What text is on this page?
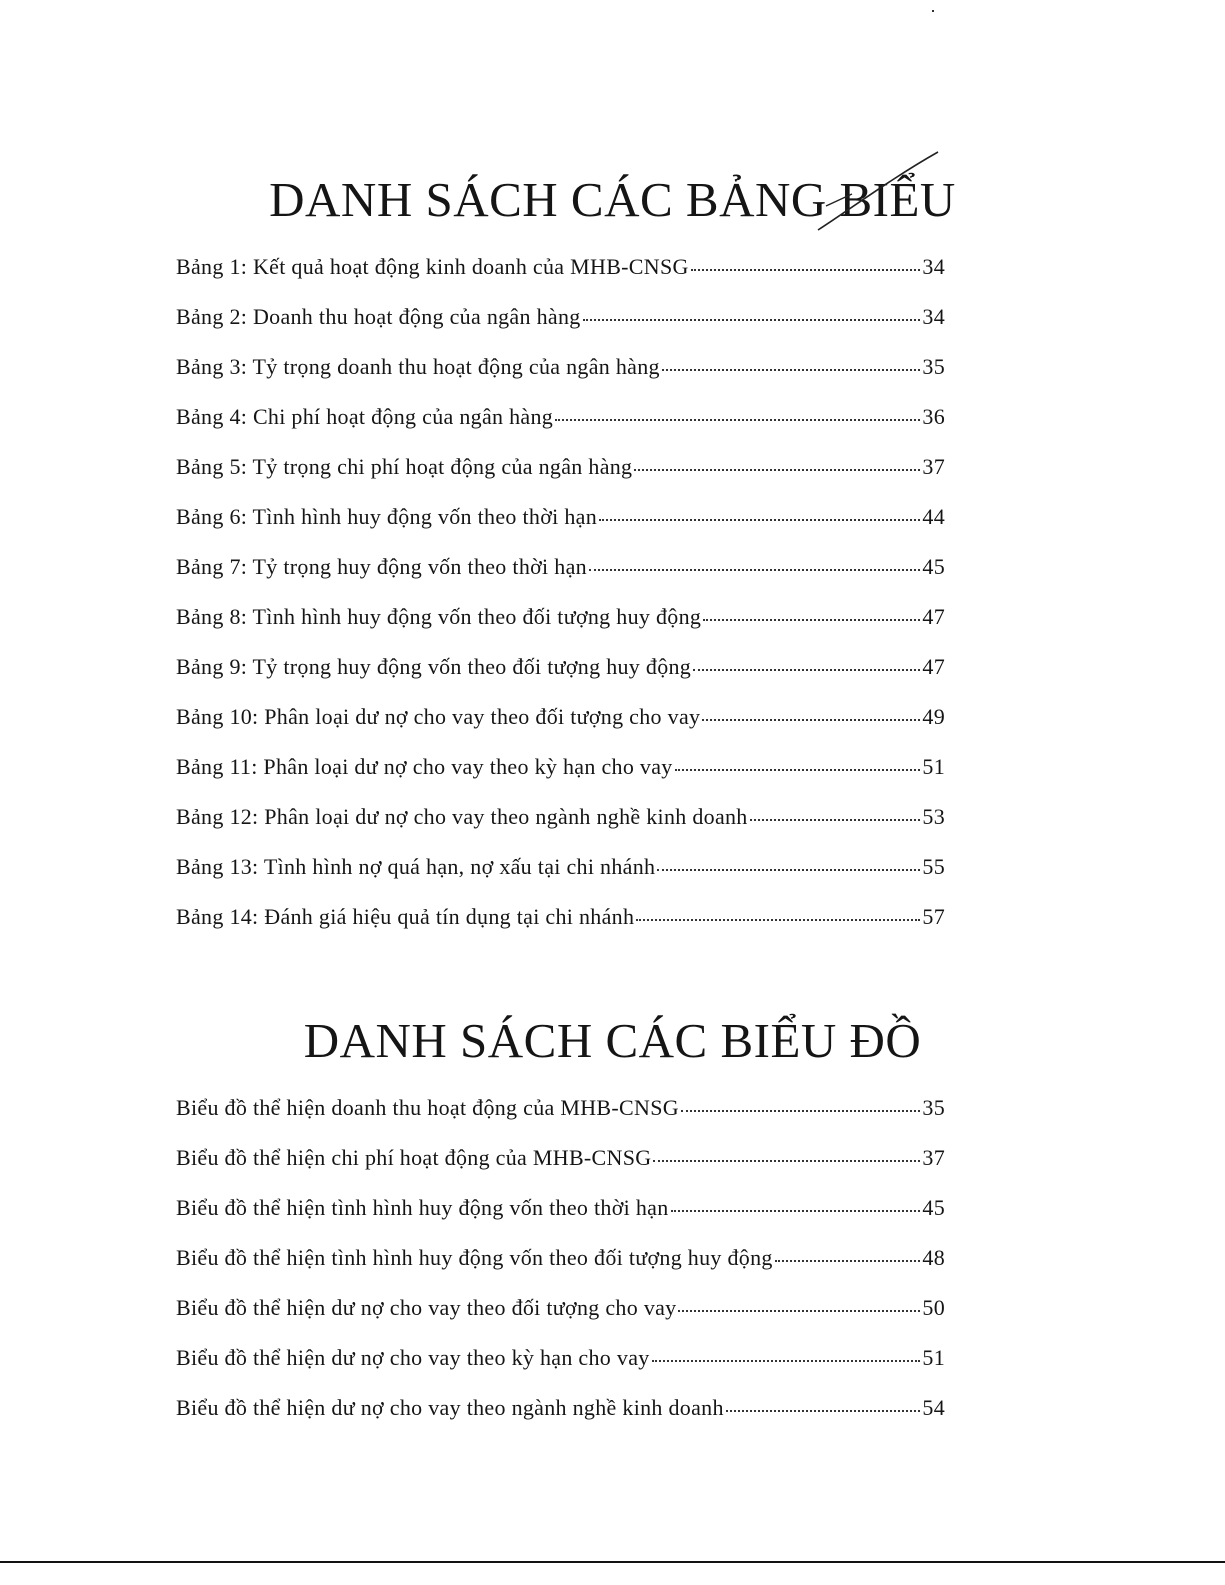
DANH SÁCH CÁC BẢNG BIỂU
Bảng 1: Kết quả hoạt động kinh doanh của MHB-CNSG	34
Bảng 2: Doanh thu hoạt động của ngân hàng	34
Bảng 3: Tỷ trọng doanh thu hoạt động của ngân hàng	35
Bảng 4: Chi phí hoạt động của ngân hàng	36
Bảng 5: Tỷ trọng chi phí hoạt động của ngân hàng	37
Bảng 6: Tình hình huy động vốn theo thời hạn	44
Bảng 7: Tỷ trọng huy động vốn theo thời hạn	45
Bảng 8: Tình hình huy động vốn theo đối tượng huy động	47
Bảng 9: Tỷ trọng huy động vốn theo đối tượng huy động	47
Bảng 10: Phân loại dư nợ cho vay theo đối tượng cho vay	49
Bảng 11: Phân loại dư nợ cho vay theo kỳ hạn cho vay	51
Bảng 12: Phân loại dư nợ cho vay theo ngành nghề kinh doanh	53
Bảng 13: Tình hình nợ quá hạn, nợ xấu tại chi nhánh	55
Bảng 14: Đánh giá hiệu quả tín dụng tại chi nhánh	57
DANH SÁCH CÁC BIỂU ĐỒ
Biểu đồ thể hiện doanh thu hoạt động của MHB-CNSG	35
Biểu đồ thể hiện chi phí hoạt động của MHB-CNSG	37
Biểu đồ thể hiện tình hình huy động vốn theo thời hạn	45
Biểu đồ thể hiện tình hình huy động vốn theo đối tượng huy động	48
Biểu đồ thể hiện dư nợ cho vay theo đối tượng cho vay	50
Biểu đồ thể hiện dư nợ cho vay theo kỳ hạn cho vay	51
Biểu đồ thể hiện dư nợ cho vay theo ngành nghề kinh doanh	54
